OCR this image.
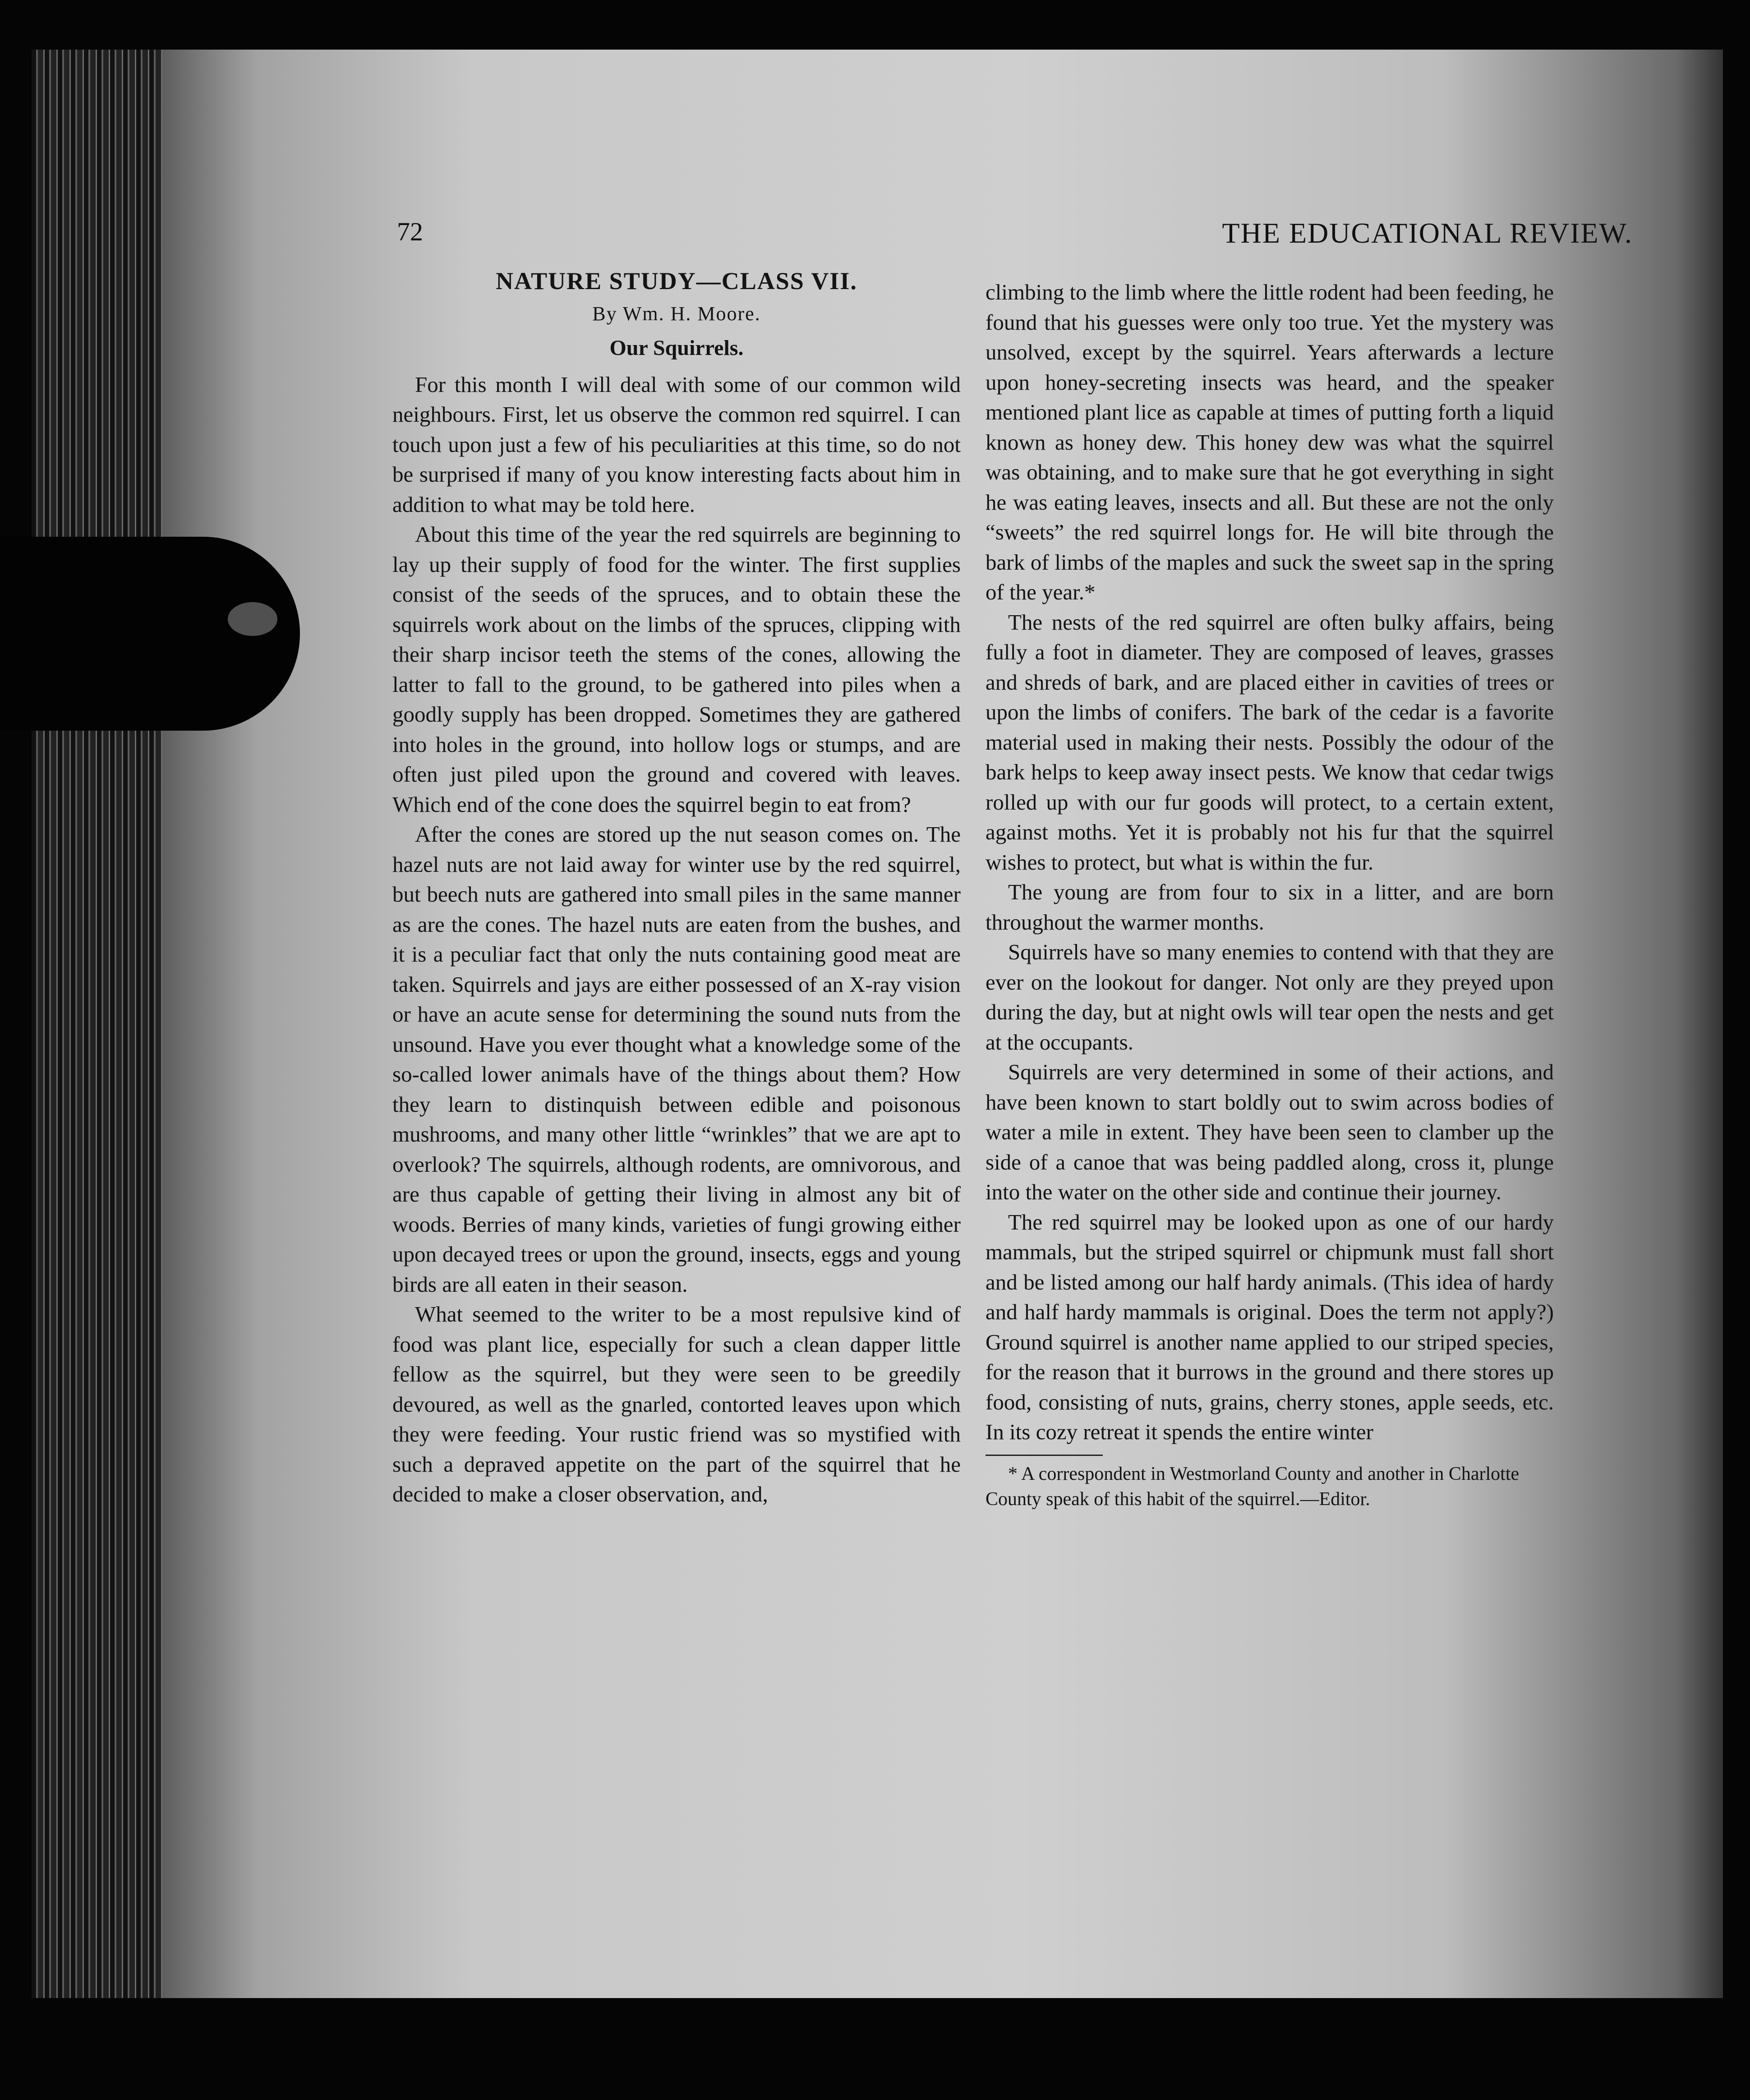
72	THE EDUCATIONAL REVIEW.
NATURE STUDY—CLASS VII.
By Wm. H. Moore.
Our Squirrels.

For this month I will deal with some of our common wild neighbours. First, let us observe the common red squirrel. I can touch upon just a few of his peculiarities at this time, so do not be surprised if many of you know interesting facts about him in addition to what may be told here.

About this time of the year the red squirrels are beginning to lay up their supply of food for the winter. The first supplies consist of the seeds of the spruces, and to obtain these the squirrels work about on the limbs of the spruces, clipping with their sharp incisor teeth the stems of the cones, allowing the latter to fall to the ground, to be gathered into piles when a goodly supply has been dropped. Sometimes they are gathered into holes in the ground, into hollow logs or stumps, and are often just piled upon the ground and covered with leaves. Which end of the cone does the squirrel begin to eat from?

After the cones are stored up the nut season comes on. The hazel nuts are not laid away for winter use by the red squirrel, but beech nuts are gathered into small piles in the same manner as are the cones. The hazel nuts are eaten from the bushes, and it is a peculiar fact that only the nuts containing good meat are taken. Squirrels and jays are either possessed of an X-ray vision or have an acute sense for determining the sound nuts from the unsound. Have you ever thought what a knowledge some of the so-called lower animals have of the things about them? How they learn to distinquish between edible and poisonous mushrooms, and many other little “wrinkles” that we are apt to overlook? The squirrels, although rodents, are omnivorous, and are thus capable of getting their living in almost any bit of woods. Berries of many kinds, varieties of fungi growing either upon decayed trees or upon the ground, insects, eggs and young birds are all eaten in their season.

What seemed to the writer to be a most repulsive kind of food was plant lice, especially for such a clean dapper little fellow as the squirrel, but they were seen to be greedily devoured, as well as the gnarled, contorted leaves upon which they were feeding. Your rustic friend was so mystified with such a depraved appetite on the part of the squirrel that he decided to make a closer observation, and,

climbing to the limb where the little rodent had been feeding, he found that his guesses were only too true. Yet the mystery was unsolved, except by the squirrel. Years afterwards a lecture upon honey-secreting insects was heard, and the speaker mentioned plant lice as capable at times of putting forth a liquid known as honey dew. This honey dew was what the squirrel was obtaining, and to make sure that he got everything in sight he was eating leaves, insects and all. But these are not the only “sweets” the red squirrel longs for. He will bite through the bark of limbs of the maples and suck the sweet sap in the spring of the year.*

The nests of the red squirrel are often bulky affairs, being fully a foot in diameter. They are composed of leaves, grasses and shreds of bark, and are placed either in cavities of trees or upon the limbs of conifers. The bark of the cedar is a favorite material used in making their nests. Possibly the odour of the bark helps to keep away insect pests. We know that cedar twigs rolled up with our fur goods will protect, to a certain extent, against moths. Yet it is probably not his fur that the squirrel wishes to protect, but what is within the fur.

The young are from four to six in a litter, and are born throughout the warmer months.

Squirrels have so many enemies to contend with that they are ever on the lookout for danger. Not only are they preyed upon during the day, but at night owls will tear open the nests and get at the occupants.

Squirrels are very determined in some of their actions, and have been known to start boldly out to swim across bodies of water a mile in extent. They have been seen to clamber up the side of a canoe that was being paddled along, cross it, plunge into the water on the other side and continue their journey.

The red squirrel may be looked upon as one of our hardy mammals, but the striped squirrel or chipmunk must fall short and be listed among our half hardy animals. (This idea of hardy and half hardy mammals is original. Does the term not apply?) Ground squirrel is another name applied to our striped species, for the reason that it burrows in the ground and there stores up food, consisting of nuts, grains, cherry stones, apple seeds, etc. In its cozy retreat it spends the entire winter

* A correspondent in Westmorland County and another in Charlotte County speak of this habit of the squirrel.—Editor.
